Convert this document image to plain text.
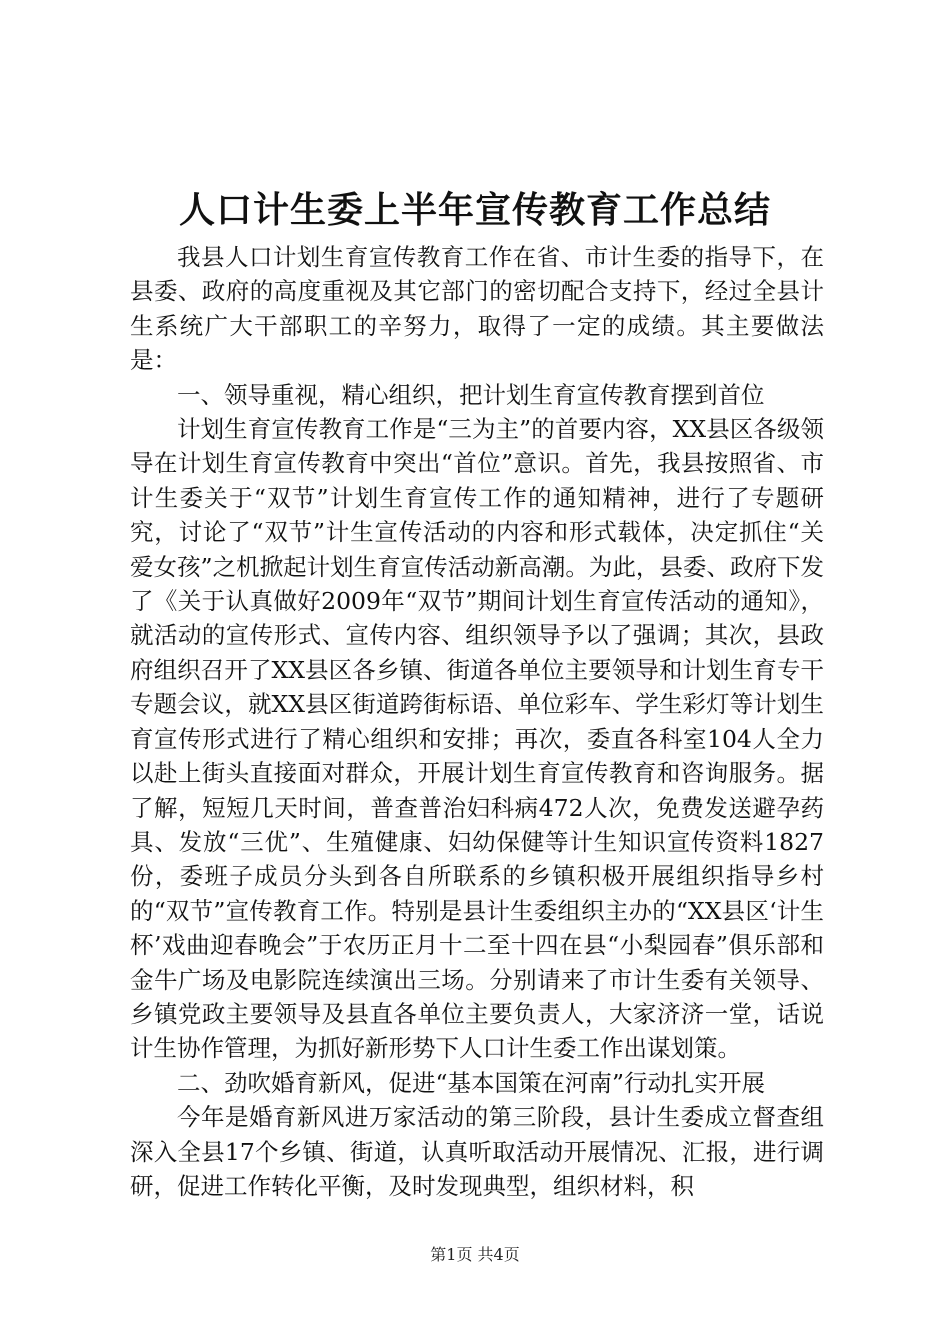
人口计生委上半年宣传教育工作总结

我县人口计划生育宣传教育工作在省、市计生委的指导下，在县委、政府的高度重视及其它部门的密切配合支持下，经过全县计生系统广大干部职工的辛努力，取得了一定的成绩。其主要做法是：

一、领导重视，精心组织，把计划生育宣传教育摆到首位

计划生育宣传教育工作是“三为主”的首要内容，XX县区各级领导在计划生育宣传教育中突出“首位”意识。首先，我县按照省、市计生委关于“双节”计划生育宣传工作的通知精神，进行了专题研究，讨论了“双节”计生宣传活动的内容和形式载体，决定抓住“关爱女孩”之机掀起计划生育宣传活动新高潮。为此，县委、政府下发了《关于认真做好2009年“双节”期间计划生育宣传活动的通知》，就活动的宣传形式、宣传内容、组织领导予以了强调；其次，县政府组织召开了XX县区各乡镇、街道各单位主要领导和计划生育专干专题会议，就XX县区街道跨街标语、单位彩车、学生彩灯等计划生育宣传形式进行了精心组织和安排；再次，委直各科室104人全力以赴上街头直接面对群众，开展计划生育宣传教育和咨询服务。据了解，短短几天时间，普查普治妇科病472人次，免费发送避孕药具、发放“三优”、生殖健康、妇幼保健等计生知识宣传资料1827份，委班子成员分头到各自所联系的乡镇积极开展组织指导乡村的“双节”宣传教育工作。特别是县计生委组织主办的“XX县区‘计生杯’戏曲迎春晚会”于农历正月十二至十四在县“小梨园春”俱乐部和金牛广场及电影院连续演出三场。分别请来了市计生委有关领导、乡镇党政主要领导及县直各单位主要负责人，大家济济一堂，话说计生协作管理，为抓好新形势下人口计生委工作出谋划策。

二、劲吹婚育新风，促进“基本国策在河南”行动扎实开展

今年是婚育新风进万家活动的第三阶段，县计生委成立督查组深入全县17个乡镇、街道，认真听取活动开展情况、汇报，进行调研，促进工作转化平衡，及时发现典型，组织材料，积

第1页 共4页
